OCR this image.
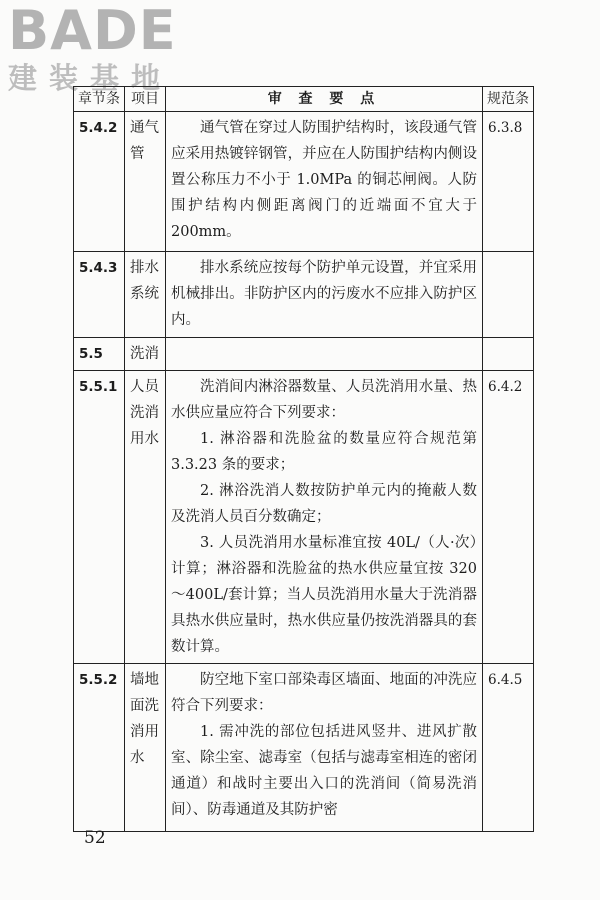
BADE
建装基地
章节条	项目	审 查 要 点	规范条
5.4.2	通气管	通气管在穿过人防围护结构时，该段通气管应采用热镀锌钢管，并应在人防围护结构内侧设置公称压力不小于 1.0MPa 的铜芯闸阀。人防围护结构内侧距离阀门的近端面不宜大于 200mm。	6.3.8
5.4.3	排水系统	排水系统应按每个防护单元设置，并宜采用机械排出。非防护区内的污废水不应排入防护区内。	

5.5	洗消		
5.5.1	人员洗消用水	洗消间内淋浴器数量、人员洗消用水量、热水供应量应符合下列要求：

1. 淋浴器和洗脸盆的数量应符合规范第 3.3.23 条的要求；

2. 淋浴洗消人数按防护单元内的掩蔽人数及洗消人员百分数确定；

3. 人员洗消用水量标准宜按 40L/（人·次）计算；淋浴器和洗脸盆的热水供应量宜按 320～400L/套计算；当人员洗消用水量大于洗消器具热水供应量时，热水供应量仍按洗消器具的套数计算。	6.4.2
5.5.2	墙地面洗消用水	防空地下室口部染毒区墙面、地面的冲洗应符合下列要求：

1. 需冲洗的部位包括进风竖井、进风扩散室、除尘室、滤毒室（包括与滤毒室相连的密闭通道）和战时主要出入口的洗消间（简易洗消间）、防毒通道及其防护密	6.4.5
52
